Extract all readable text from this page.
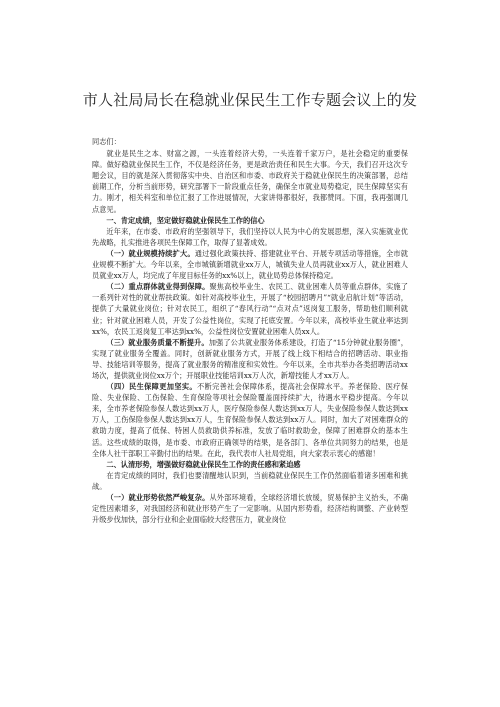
市人社局局长在稳就业保民生工作专题会议上的发

同志们：

就业是民生之本、财富之源，一头连着经济大势，一头连着千家万户，是社会稳定的重要保障。做好稳就业保民生工作，不仅是经济任务，更是政治责任和民生大事。今天，我们召开这次专题会议，目的就是深入贯彻落实中央、自治区和市委、市政府关于稳就业保民生的决策部署，总结前期工作，分析当前形势，研究部署下一阶段重点任务，确保全市就业局势稳定，民生保障坚实有力。刚才，相关科室和单位汇报了工作进展情况，大家讲得都很好，我都赞同。下面，我再强调几点意见。

一、肯定成绩，坚定做好稳就业保民生工作的信心

近年来，在市委、市政府的坚强领导下，我们坚持以人民为中心的发展思想，深入实施就业优先战略，扎实推进各项民生保障工作，取得了显著成效。

（一）就业规模持续扩大。通过强化政策扶持、搭建就业平台、开展专项活动等措施，全市就业规模不断扩大。今年以来，全市城镇新增就业xx万人，城镇失业人员再就业xx万人，就业困难人员就业xx万人，均完成了年度目标任务的xx%以上，就业局势总体保持稳定。

（二）重点群体就业得到保障。聚焦高校毕业生、农民工、就业困难人员等重点群体，实施了一系列针对性的就业帮扶政策。如针对高校毕业生，开展了“校园招聘月”“就业启航计划”等活动，提供了大量就业岗位；针对农民工，组织了“春风行动”“点对点”返岗复工服务，帮助他们顺利就业；针对就业困难人员，开发了公益性岗位，实现了托底安置。今年以来，高校毕业生就业率达到xx%，农民工返岗复工率达到xx%，公益性岗位安置就业困难人员xx人。

（三）就业服务质量不断提升。加强了公共就业服务体系建设，打造了“15分钟就业服务圈”，实现了就业服务全覆盖。同时，创新就业服务方式，开展了线上线下相结合的招聘活动、职业指导、技能培训等服务，提高了就业服务的精准度和实效性。今年以来，全市共举办各类招聘活动xx场次，提供就业岗位xx万个；开展职业技能培训xx万人次，新增技能人才xx万人。

（四）民生保障更加坚实。不断完善社会保障体系，提高社会保障水平。养老保险、医疗保险、失业保险、工伤保险、生育保险等项社会保险覆盖面持续扩大，待遇水平稳步提高。今年以来，全市养老保险参保人数达到xx万人，医疗保险参保人数达到xx万人，失业保险参保人数达到xx万人，工伤保险参保人数达到xx万人，生育保险参保人数达到xx万人。同时，加大了对困难群众的救助力度，提高了低保、特困人员救助供养标准，发放了临时救助金，保障了困难群众的基本生活。这些成绩的取得，是市委、市政府正确领导的结果，是各部门、各单位共同努力的结果，也是全体人社干部职工辛勤付出的结果。在此，我代表市人社局党组，向大家表示衷心的感谢！

二、认清形势，增强做好稳就业保民生工作的责任感和紧迫感

在肯定成绩的同时，我们也要清醒地认识到，当前稳就业保民生工作仍然面临着诸多困难和挑战。

（一）就业形势依然严峻复杂。从外部环境看，全球经济增长放缓，贸易保护主义抬头，不确定性因素增多，对我国经济和就业形势产生了一定影响。从国内形势看，经济结构调整、产业转型升级步伐加快，部分行业和企业面临较大经营压力，就业岗位
